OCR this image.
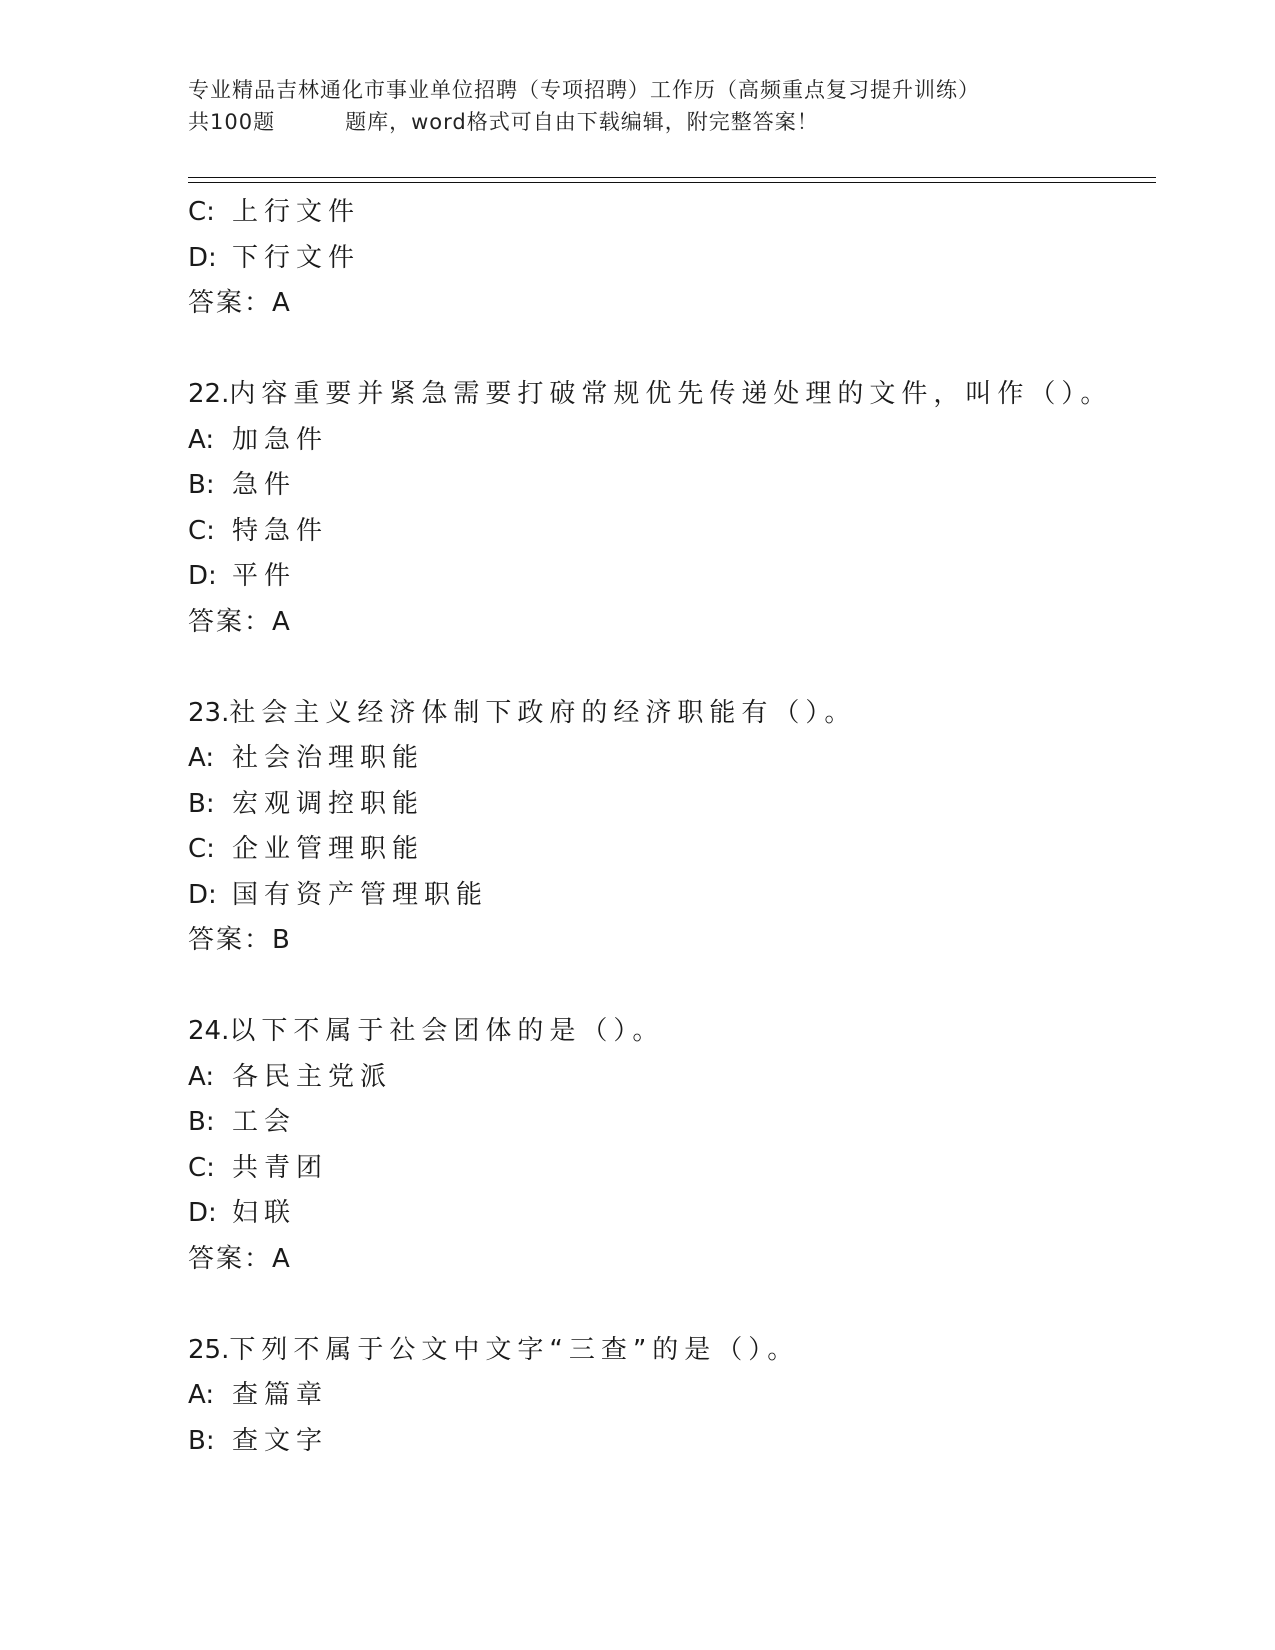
专业精品吉林通化市事业单位招聘（专项招聘）工作历（高频重点复习提升训练）
共100题	题库，word格式可自由下载编辑，附完整答案！
C: 上行文件
D: 下行文件
答案：A
22.内容重要并紧急需要打破常规优先传递处理的文件，叫作（）。
A: 加急件
B: 急件
C: 特急件
D: 平件
答案：A
23.社会主义经济体制下政府的经济职能有（）。
A: 社会治理职能
B: 宏观调控职能
C: 企业管理职能
D: 国有资产管理职能
答案：B
24.以下不属于社会团体的是（）。
A: 各民主党派
B: 工会
C: 共青团
D: 妇联
答案：A
25.下列不属于公文中文字“三查”的是（）。
A: 查篇章
B: 查文字
